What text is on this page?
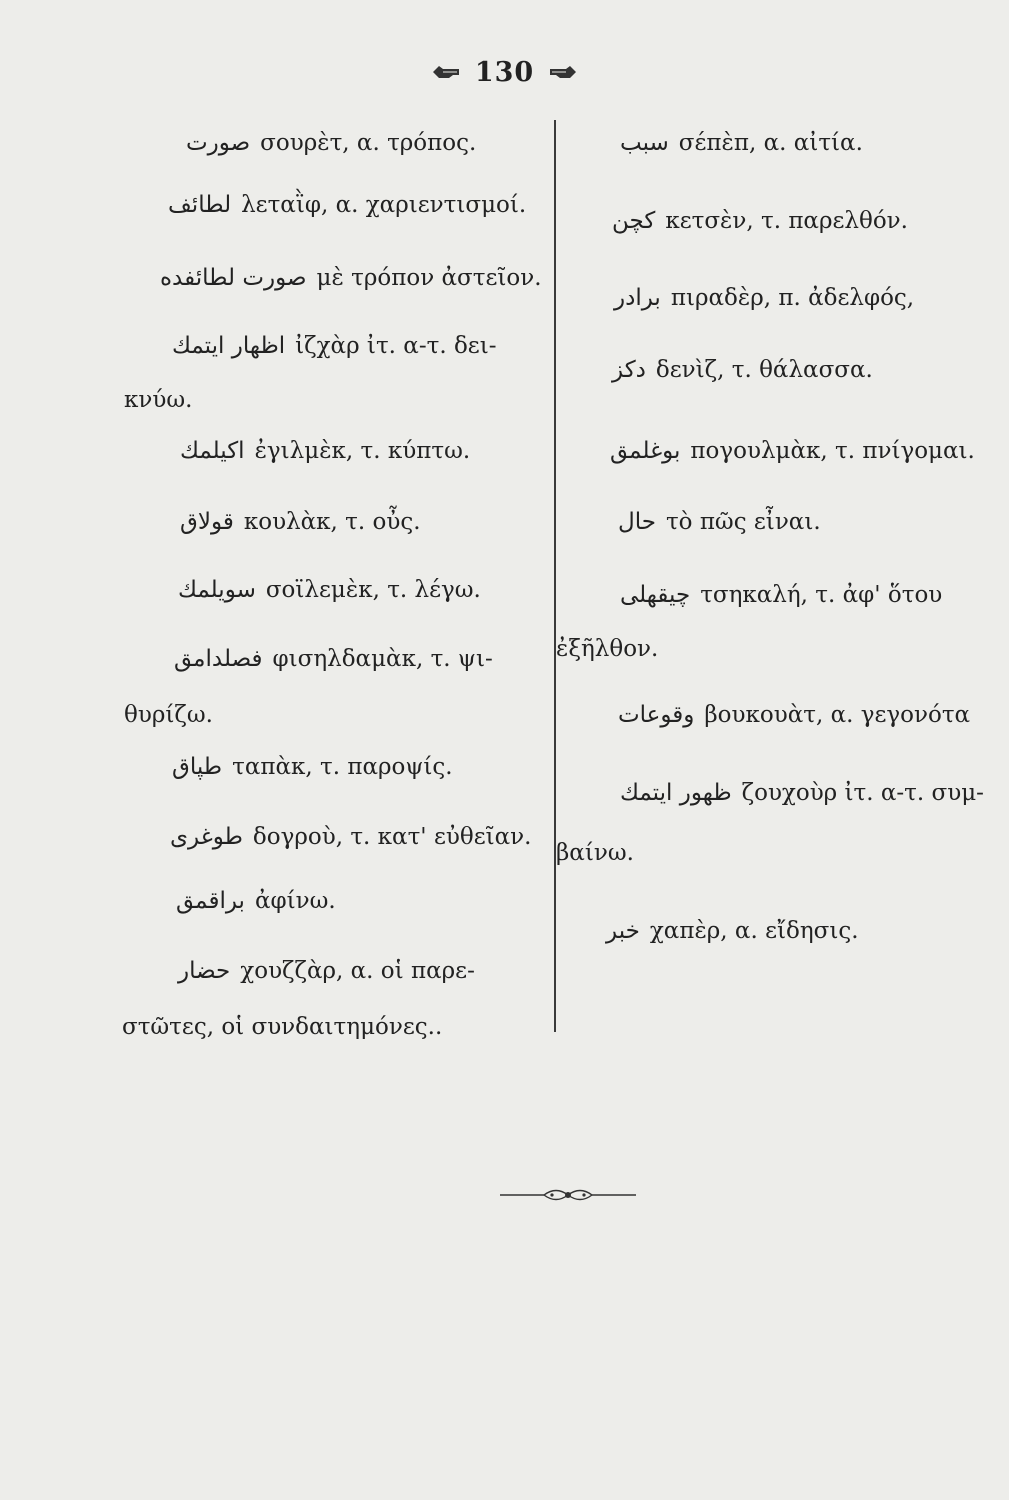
130
صورت σουρὲτ, α. τρόπος.
لطائف λεταῒφ, α. χαριεντισμοί.
صورت لطائفده μὲ τρόπον ἀστεῖον.
اظهار ايتمك ἰζχὰρ ἰτ. α-τ. δει-
κνύω.
اكيلمك ἐγιλμὲκ, τ. κύπτω.
قولاق κουλὰκ, τ. οὖς.
سويلمك σοϊλεμὲκ, τ. λέγω.
فصلدامق φισηλδαμὰκ, τ. ψι-
θυρίζω.
طپاق ταπὰκ, τ. παροψίς.
طوغرى δογροὺ, τ. κατ' εὐθεῖαν.
براقمق ἀφίνω.
حضار χουζζὰρ, α. οἱ παρε-
στῶτες, οἱ συνδαιτημόνες..
سبب σέπὲπ, α. αἰτία.
كچن κετσὲν, τ. παρελθόν.
برادر πιραδὲρ, π. ἀδελφός,
دكز δενὶζ, τ. θάλασσα.
بوغلمق πογουλμὰκ, τ. πνίγομαι.
حال τὸ πῶς εἶναι.
چيقهلى τσηκαλή, τ. ἀφ' ὅτου
ἐξῆλθον.
وقوعات βουκουὰτ, α. γεγονότα
ظهور ايتمك ζουχοὺρ ἰτ. α-τ. συμ-
βαίνω.
خبر χαπὲρ, α. εἴδησις.
